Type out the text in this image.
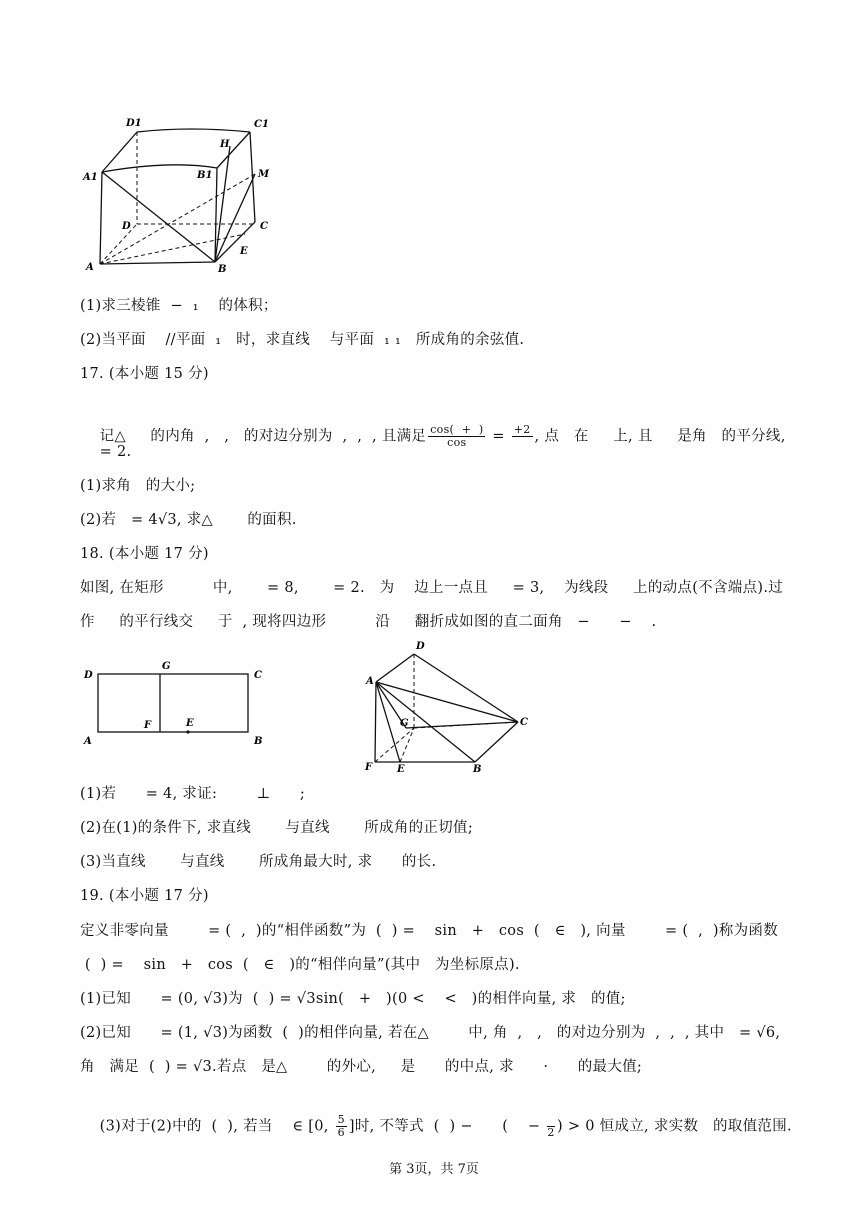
D1	C1
H
A1	B1	M
D	C
E
A	B
(1)求三棱锥  −  ₁    的体积；
(2)当平面    //平面  ₁   时，求直线    与平面  ₁ ₁   所成角的余弦值.
17. (本小题 15 分)

记△     的内角  ,   ,   的对边分别为  ,  ,  , 且满足 $\frac{\cos( + )}{\cos} = +2$
, 点   在     上, 且     是角   的平分线,

= 2.
(1)求角   的大小;
(2)若   = 4√3, 求△       的面积.
18. (本小题 17 分)
如图, 在矩形          中,       = 8,       = 2.   为    边上一点且     = 3,    为线段     上的动点(不含端点).过
作     的平行线交     于  , 现将四边形          沿     翻折成如图的直二面角   −      −    .
D
G
C
F	E
A	B
D
A
C
G
F E	B
(1)若      = 4, 求证:        ⊥      ;
(2)在(1)的条件下, 求直线       与直线       所成角的正切值;
(3)当直线       与直线       所成角最大时, 求      的长.
19. (本小题 17 分)
定义非零向量        = (  ,  )的“相伴函数”为  (  ) =    sin   +   cos  (   ∈   ), 向量        = (  ,  )称为函数
(  ) =    sin   +   cos  (   ∈   )的“相伴向量”(其中   为坐标原点).
(1)已知      = (0, √3)为  (  ) = √3sin(   +   )(0 <    <   )的相伴向量, 求   的值;
(2)已知      = (1, √3)为函数  (  )的相伴向量, 若在△        中, 角  ,   ,   的对边分别为  ,  ,  , 其中   = √6,
角   满足  (  ) = √3.若点   是△        的外心,     是      的中点, 求      ·      的最大值;

(3)对于(2)中的  (  ), 若当    ∈ [0, $\frac{5}{6}$ ]时, 不等式  (  ) −      (    −
2 ) > 0 恒成立, 求实数   的取值范围.

第 3页，共 7页
